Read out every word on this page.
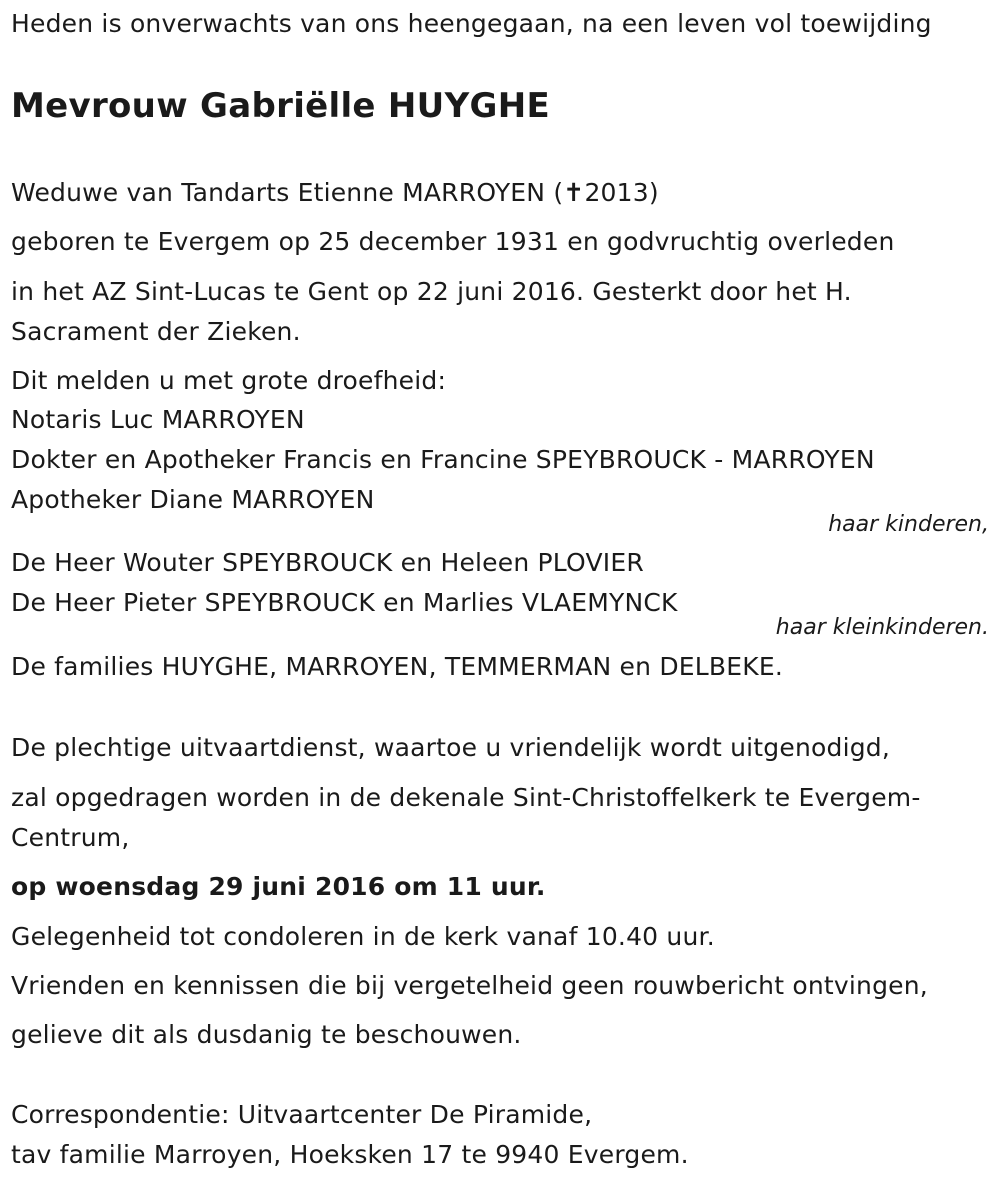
Heden is onverwachts van ons heengegaan, na een leven vol toewijding
Mevrouw Gabriëlle HUYGHE
Weduwe van Tandarts Etienne MARROYEN (✝2013)
geboren te Evergem op 25 december 1931 en godvruchtig overleden
in het AZ Sint-Lucas te Gent op 22 juni 2016. Gesterkt door het H.
Sacrament der Zieken.
Dit melden u met grote droefheid:
Notaris Luc MARROYEN
Dokter en Apotheker Francis en Francine SPEYBROUCK - MARROYEN
Apotheker Diane MARROYEN
haar kinderen,
De Heer Wouter SPEYBROUCK en Heleen PLOVIER
De Heer Pieter SPEYBROUCK en Marlies VLAEMYNCK
haar kleinkinderen.
De families HUYGHE, MARROYEN, TEMMERMAN en DELBEKE.
De plechtige uitvaartdienst, waartoe u vriendelijk wordt uitgenodigd,
zal opgedragen worden in de dekenale Sint-Christoffelkerk te Evergem-
Centrum,
op woensdag 29 juni 2016 om 11 uur.
Gelegenheid tot condoleren in de kerk vanaf 10.40 uur.
Vrienden en kennissen die bij vergetelheid geen rouwbericht ontvingen,
gelieve dit als dusdanig te beschouwen.
Correspondentie: Uitvaartcenter De Piramide,
tav familie Marroyen, Hoeksken 17 te 9940 Evergem.
